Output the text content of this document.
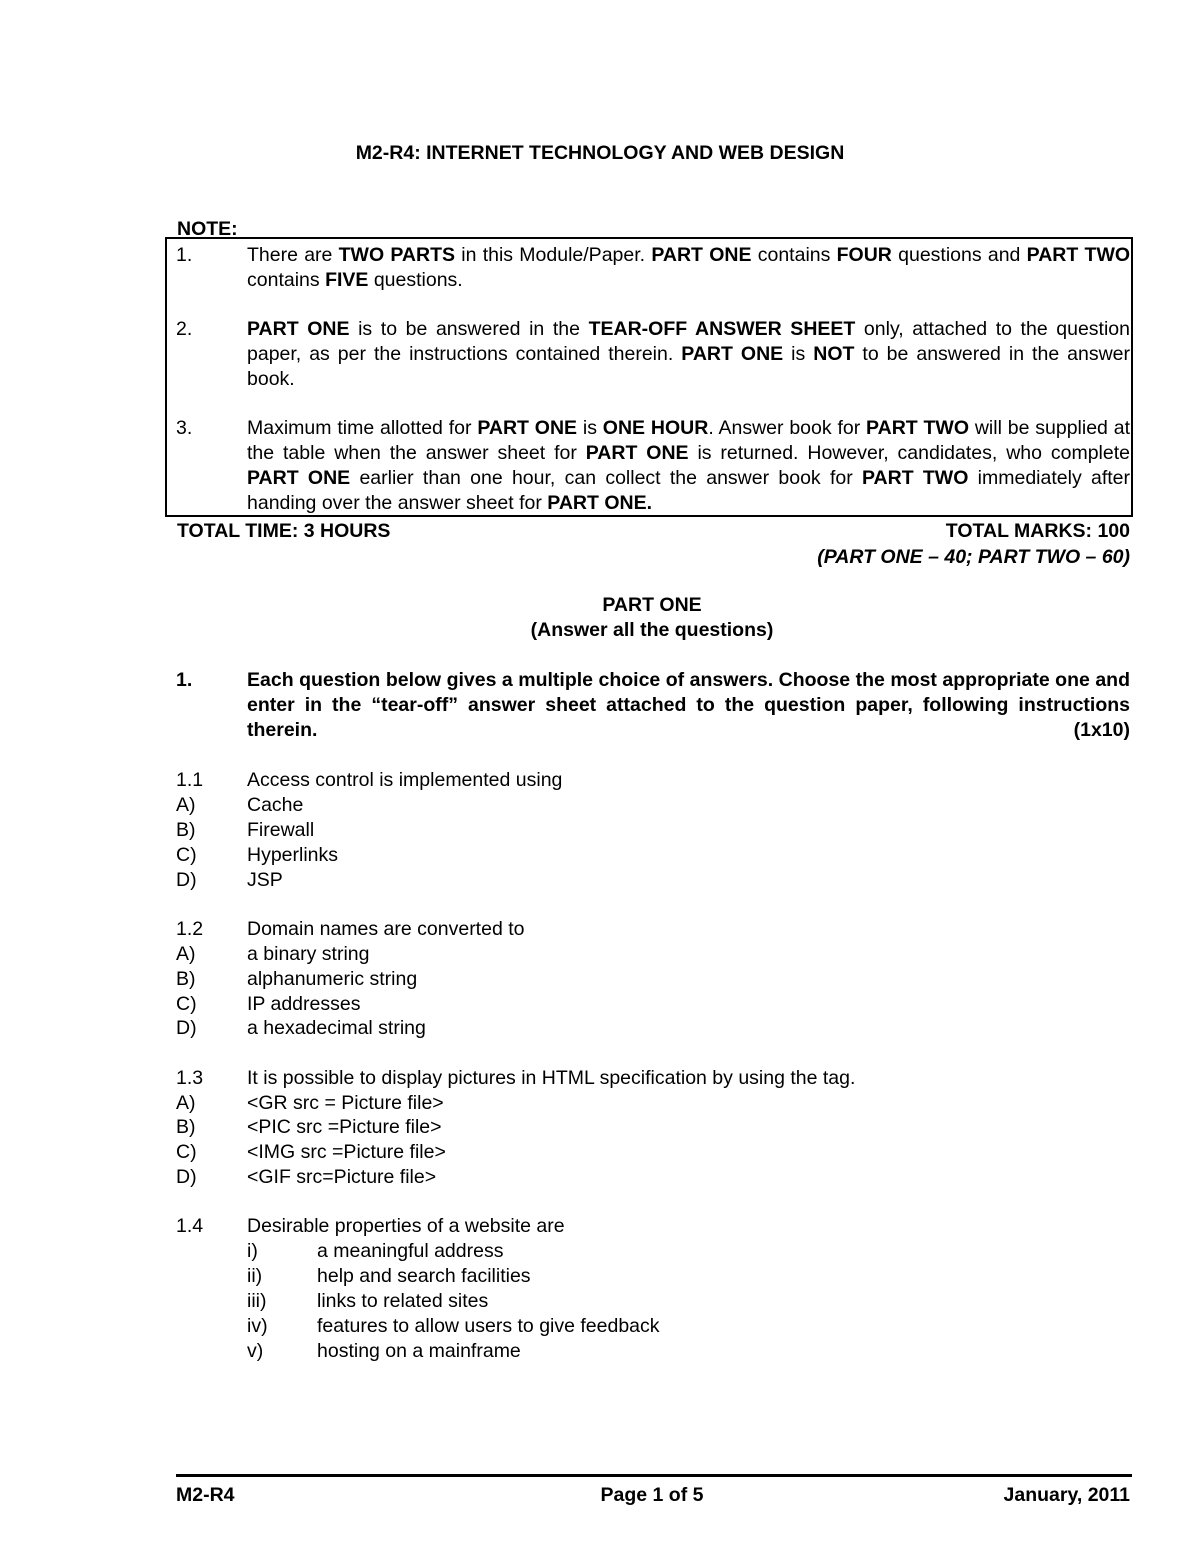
M2-R4: INTERNET TECHNOLOGY AND WEB DESIGN
NOTE:
1.	There are TWO PARTS in this Module/Paper. PART ONE contains FOUR questions and PART TWO contains FIVE questions.
2.	PART ONE is to be answered in the TEAR-OFF ANSWER SHEET only, attached to the question paper, as per the instructions contained therein. PART ONE is NOT to be answered in the answer book.
3.	Maximum time allotted for PART ONE is ONE HOUR. Answer book for PART TWO will be supplied at the table when the answer sheet for PART ONE is returned. However, candidates, who complete PART ONE earlier than one hour, can collect the answer book for PART TWO immediately after handing over the answer sheet for PART ONE.
TOTAL TIME: 3 HOURS	TOTAL MARKS: 100
(PART ONE – 40; PART TWO – 60)
PART ONE
(Answer all the questions)
1.	Each question below gives a multiple choice of answers. Choose the most appropriate one and enter in the “tear-off” answer sheet attached to the question paper, following instructions therein.	(1x10)
1.1 Access control is implemented using
A)	Cache
B)	Firewall
C)	Hyperlinks
D)	JSP
1.2 Domain names are converted to
A)	a binary string
B)	alphanumeric string
C)	IP addresses
D)	a hexadecimal string
1.3 It is possible to display pictures in HTML specification by using the tag.
A)	<GR src = Picture file>
B)	<PIC src =Picture file>
C)	<IMG src =Picture file>
D)	<GIF src=Picture file>
1.4 Desirable properties of a website are
i)	a meaningful address
ii)	help and search facilities
iii)	links to related sites
iv)	features to allow users to give feedback
v)	hosting on a mainframe
M2-R4	Page 1 of 5	January, 2011
